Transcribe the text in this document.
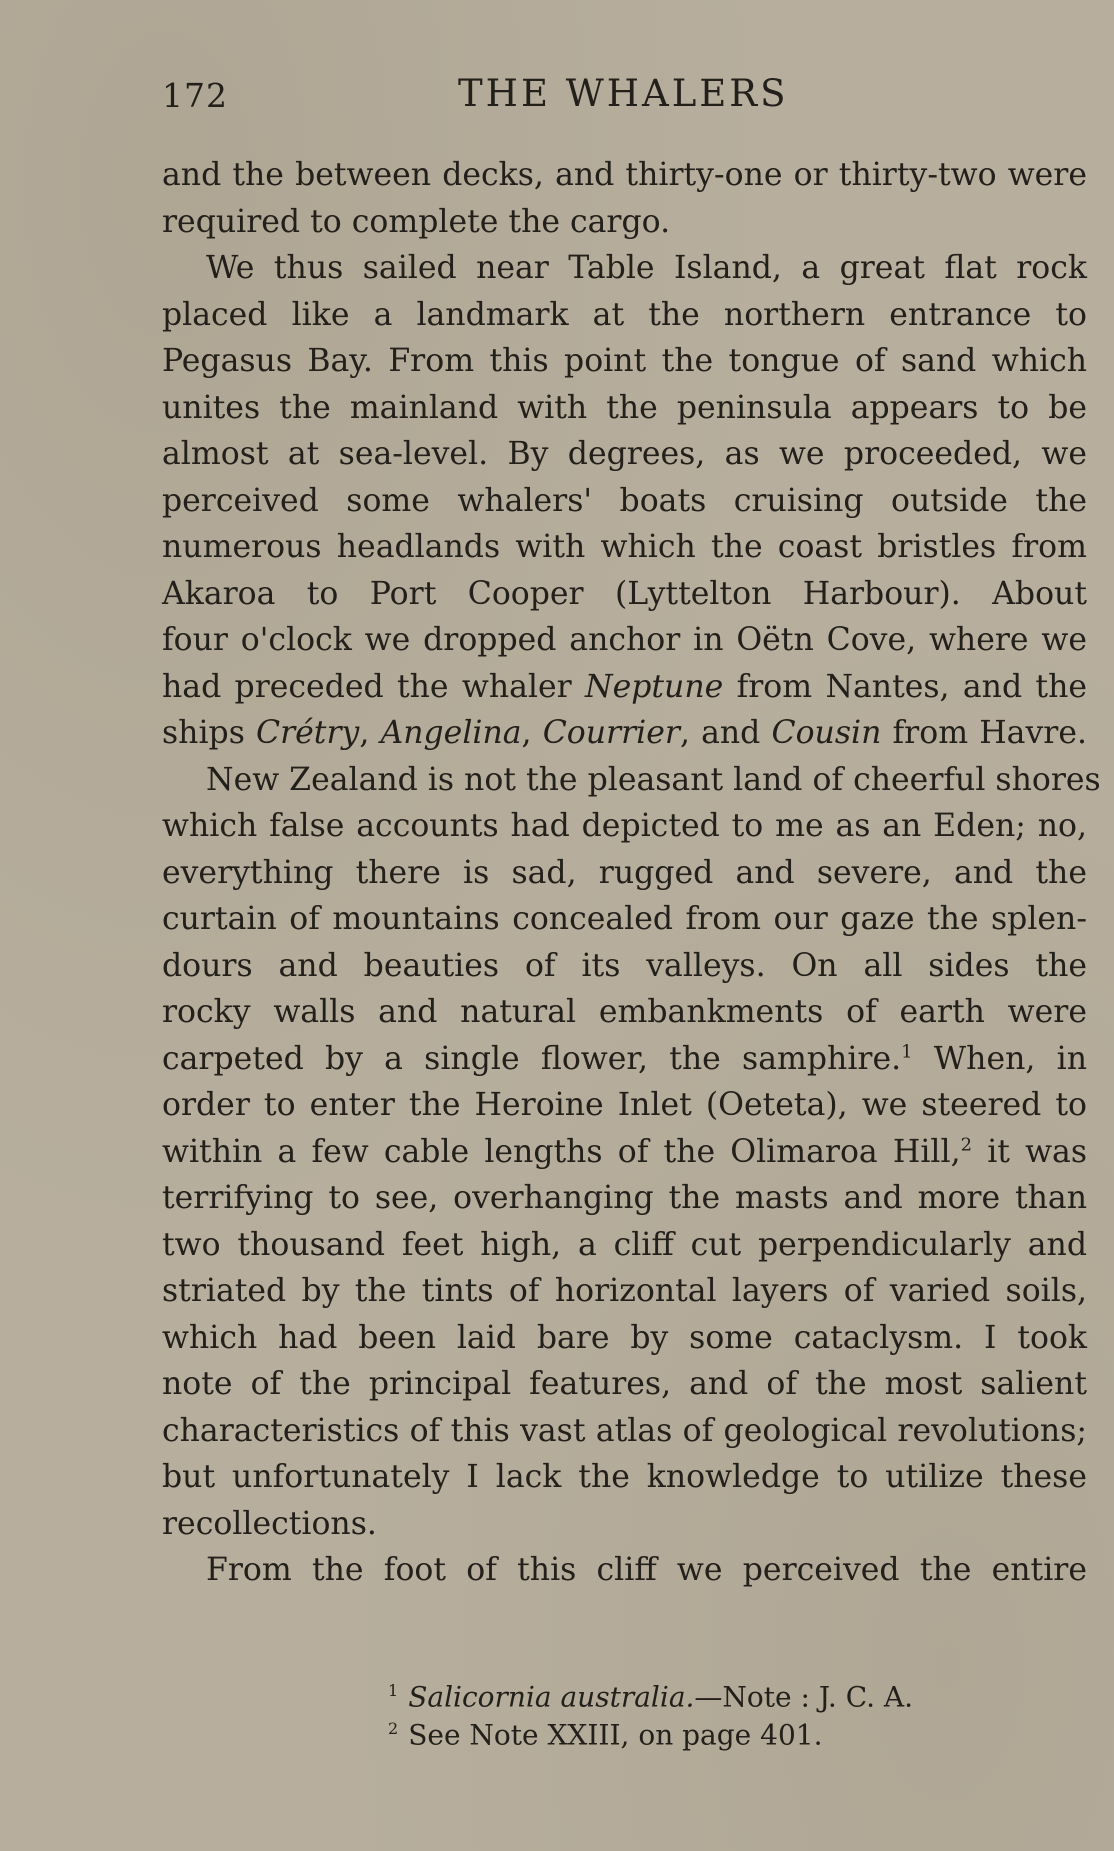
172	THE WHALERS
and the between decks, and thirty-one or thirty-two were
required to complete the cargo.
We thus sailed near Table Island, a great flat rock
placed like a landmark at the northern entrance to
Pegasus Bay. From this point the tongue of sand which
unites the mainland with the peninsula appears to be
almost at sea-level. By degrees, as we proceeded, we
perceived some whalers' boats cruising outside the
numerous headlands with which the coast bristles from
Akaroa to Port Cooper (Lyttelton Harbour). About
four o'clock we dropped anchor in Oëtn Cove, where we
had preceded the whaler Neptune from Nantes, and the
ships Crétry, Angelina, Courrier, and Cousin from Havre.
New Zealand is not the pleasant land of cheerful shores
which false accounts had depicted to me as an Eden; no,
everything there is sad, rugged and severe, and the
curtain of mountains concealed from our gaze the splen-
dours and beauties of its valleys. On all sides the
rocky walls and natural embankments of earth were
carpeted by a single flower, the samphire.$^1$ When, in
order to enter the Heroine Inlet (Oeteta), we steered to
within a few cable lengths of the Olimaroa Hill,$^2$ it was
terrifying to see, overhanging the masts and more than
two thousand feet high, a cliff cut perpendicularly and
striated by the tints of horizontal layers of varied soils,
which had been laid bare by some cataclysm. I took
note of the principal features, and of the most salient
characteristics of this vast atlas of geological revolutions;
but unfortunately I lack the knowledge to utilize these
recollections.
From the foot of this cliff we perceived the entire
$^1$ Salicornia australia.—Note : J. C. A.
$^2$ See Note XXIII, on page 401.
